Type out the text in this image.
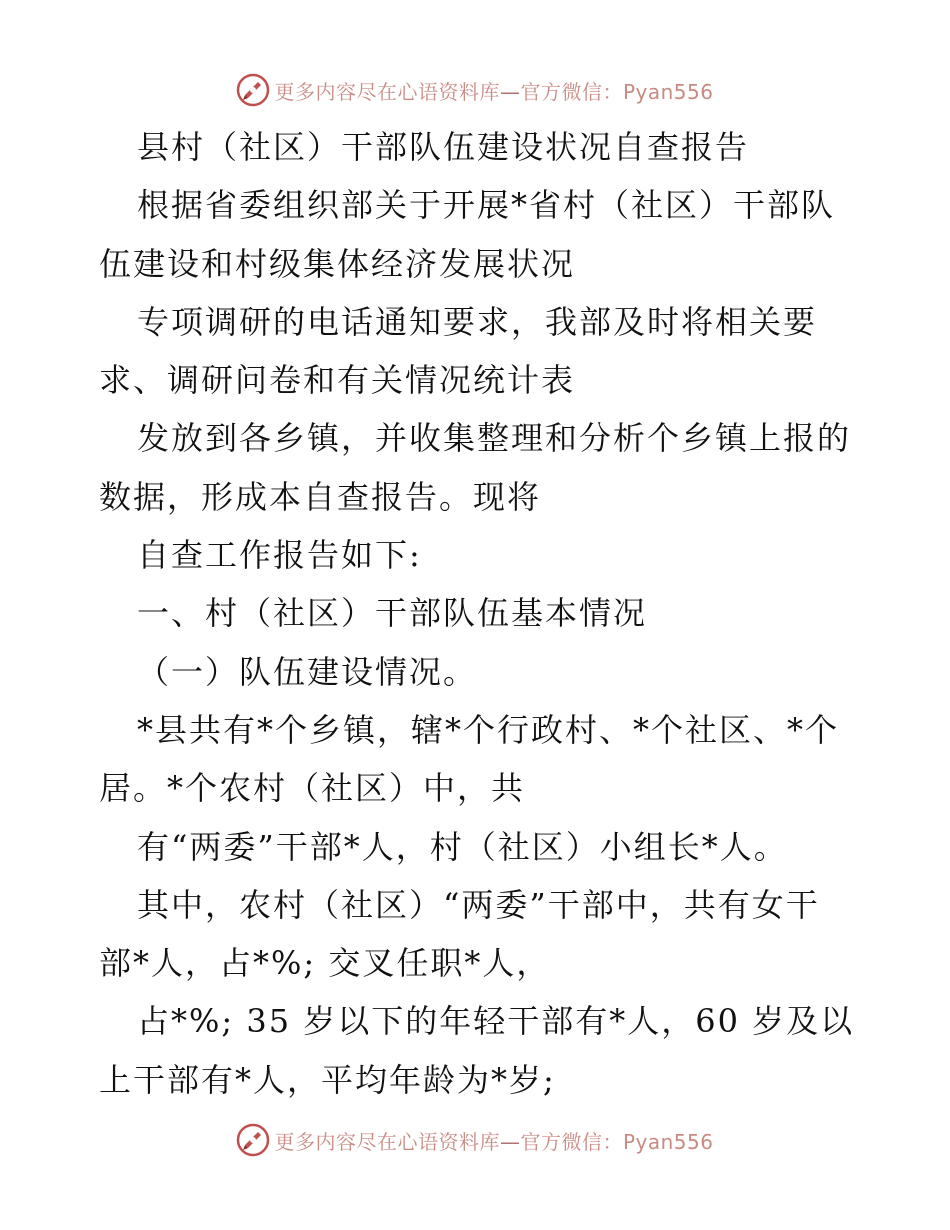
更多内容尽在心语资料库—官方微信：Pyan556
县村（社区）干部队伍建设状况自查报告
根据省委组织部关于开展*省村（社区）干部队
伍建设和村级集体经济发展状况
专项调研的电话通知要求，我部及时将相关要
求、调研问卷和有关情况统计表
发放到各乡镇，并收集整理和分析个乡镇上报的
数据，形成本自查报告。现将
自查工作报告如下:
一、村（社区）干部队伍基本情况
（一）队伍建设情况。
*县共有*个乡镇，辖*个行政村、*个社区、*个
居。*个农村（社区）中，共
有“两委”干部*人，村（社区）小组长*人。
其中，农村（社区）“两委”干部中，共有女干
部*人，占*%; 交叉任职*人，
占*%; 35 岁以下的年轻干部有*人，60 岁及以
上干部有*人，平均年龄为*岁;
更多内容尽在心语资料库—官方微信：Pyan556
